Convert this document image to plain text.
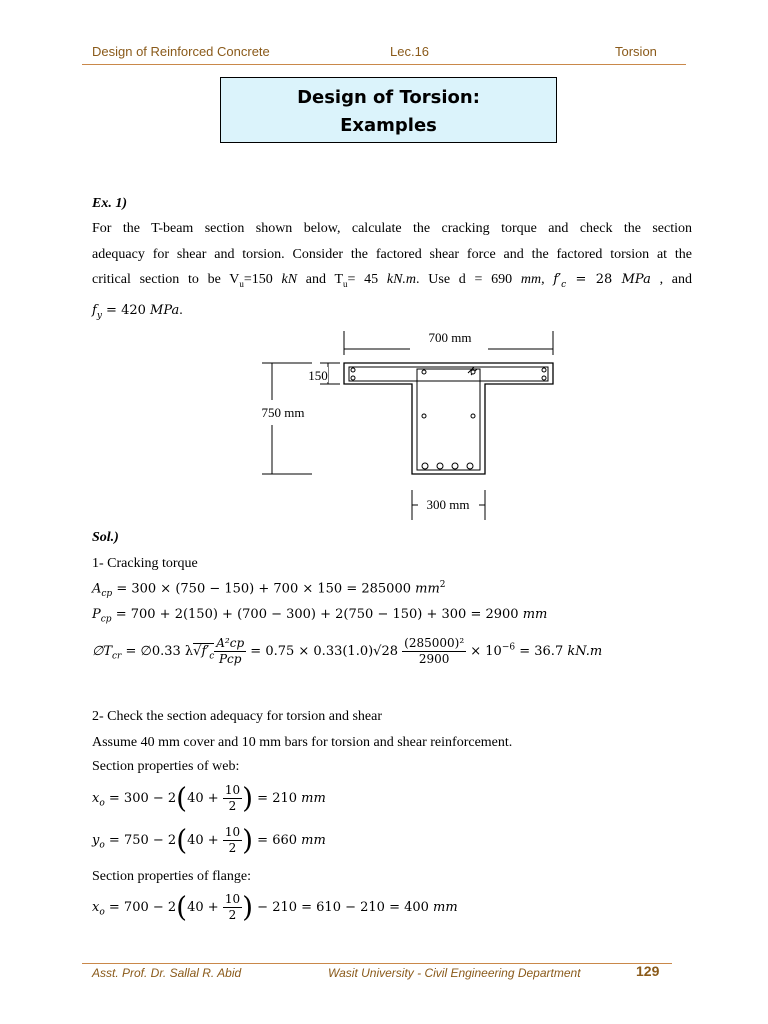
Design of Reinforced Concrete	Lec.16	Torsion
Design of Torsion:
Examples
Ex. 1)
For the T-beam section shown below, calculate the cracking torque and check the section
adequacy for shear and torsion. Consider the factored shear force and the factored torsion at the
critical section to be $V_u=150$ kN and $T_u= 45$ kN.m. Use d = 690 mm, $f'_c = 28$ MPa , and
$f_y = 420$ MPa.
700 mm
750 mm
150
300 mm
Sol.)
1- Cracking torque
$A_{cp} = 300 \times (750 - 150) + 700 \times 150 = 285000$ $mm^2$
$P_{cp} = 700 + 2(150) + (700 - 300) + 2(750 - 150) + 300 = 2900$ mm
$\emptyset T_{cr}$ = ∅0.33 $\lambda√f'_c \frac{\text{A²cp}}{\text{Pcp}} = 0.75 \times 0.33(1.0)√28 \frac{\text{(285000)²}}{2900} \times 10^{-6} = 36.7$ kN.m
2- Check the section adequacy for torsion and shear
Assume 40 mm cover and 10 mm bars for torsion and shear reinforcement.
Section properties of web:
$x_o = 300 - 2(40 + \frac{10}{2}$ ) = 210 mm
$y_o = 750 - 2(40 + \frac{10}{2}$ ) = 660 mm
Section properties of flange:
$x_o = 700 - 2(40 + \frac{10}{2}$ ) − 210 = 610 − 210 = 400 mm
Asst. Prof. Dr. Sallal R. Abid	Wasit University - Civil Engineering Department	129
